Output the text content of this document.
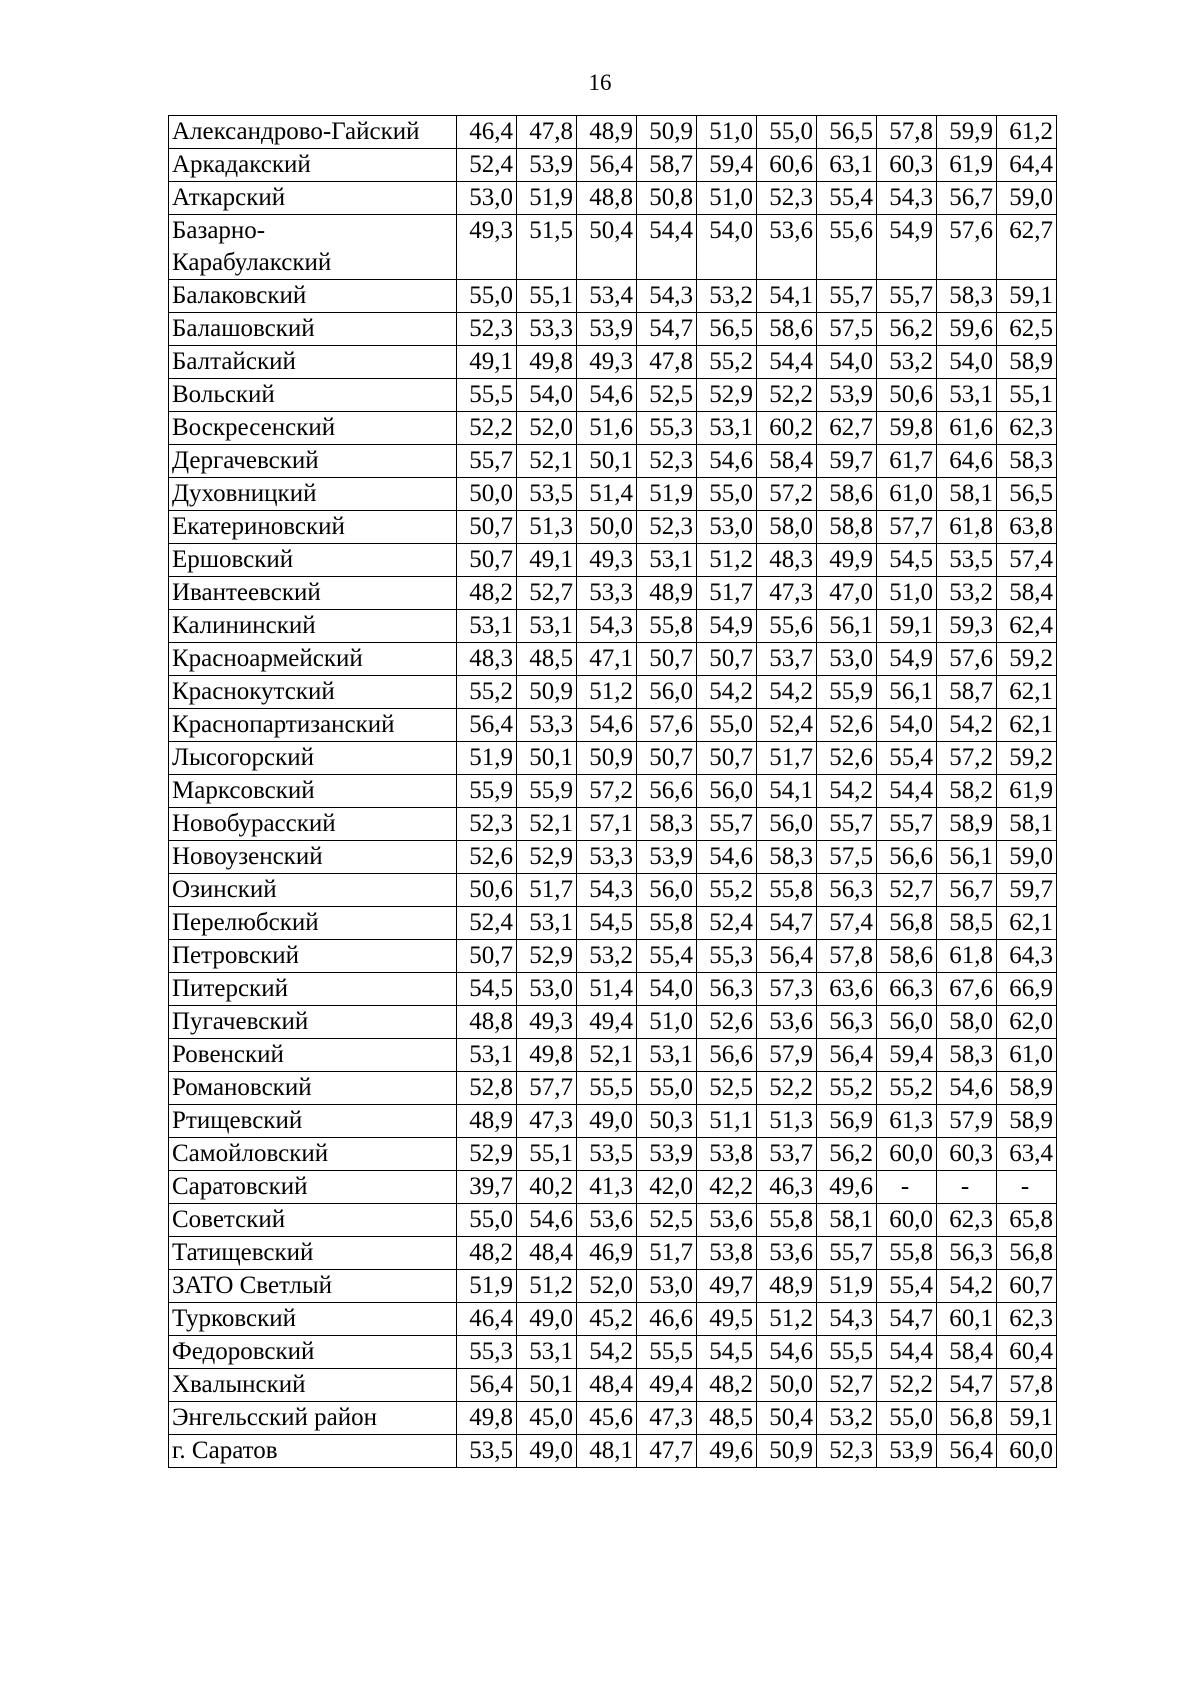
16
Александрово-Гайский	46,4	47,8	48,9	50,9	51,0	55,0	56,5	57,8	59,9	61,2
Аркадакский	52,4	53,9	56,4	58,7	59,4	60,6	63,1	60,3	61,9	64,4
Аткарский	53,0	51,9	48,8	50,8	51,0	52,3	55,4	54,3	56,7	59,0
Базарно-
Карабулакский	49,3	51,5	50,4	54,4	54,0	53,6	55,6	54,9	57,6	62,7
Балаковский	55,0	55,1	53,4	54,3	53,2	54,1	55,7	55,7	58,3	59,1
Балашовский	52,3	53,3	53,9	54,7	56,5	58,6	57,5	56,2	59,6	62,5
Балтайский	49,1	49,8	49,3	47,8	55,2	54,4	54,0	53,2	54,0	58,9
Вольский	55,5	54,0	54,6	52,5	52,9	52,2	53,9	50,6	53,1	55,1
Воскресенский	52,2	52,0	51,6	55,3	53,1	60,2	62,7	59,8	61,6	62,3
Дергачевский	55,7	52,1	50,1	52,3	54,6	58,4	59,7	61,7	64,6	58,3
Духовницкий	50,0	53,5	51,4	51,9	55,0	57,2	58,6	61,0	58,1	56,5
Екатериновский	50,7	51,3	50,0	52,3	53,0	58,0	58,8	57,7	61,8	63,8
Ершовский	50,7	49,1	49,3	53,1	51,2	48,3	49,9	54,5	53,5	57,4
Ивантеевский	48,2	52,7	53,3	48,9	51,7	47,3	47,0	51,0	53,2	58,4
Калининский	53,1	53,1	54,3	55,8	54,9	55,6	56,1	59,1	59,3	62,4
Красноармейский	48,3	48,5	47,1	50,7	50,7	53,7	53,0	54,9	57,6	59,2
Краснокутский	55,2	50,9	51,2	56,0	54,2	54,2	55,9	56,1	58,7	62,1
Краснопартизанский	56,4	53,3	54,6	57,6	55,0	52,4	52,6	54,0	54,2	62,1
Лысогорский	51,9	50,1	50,9	50,7	50,7	51,7	52,6	55,4	57,2	59,2
Марксовский	55,9	55,9	57,2	56,6	56,0	54,1	54,2	54,4	58,2	61,9
Новобурасский	52,3	52,1	57,1	58,3	55,7	56,0	55,7	55,7	58,9	58,1
Новоузенский	52,6	52,9	53,3	53,9	54,6	58,3	57,5	56,6	56,1	59,0
Озинский	50,6	51,7	54,3	56,0	55,2	55,8	56,3	52,7	56,7	59,7
Перелюбский	52,4	53,1	54,5	55,8	52,4	54,7	57,4	56,8	58,5	62,1
Петровский	50,7	52,9	53,2	55,4	55,3	56,4	57,8	58,6	61,8	64,3
Питерский	54,5	53,0	51,4	54,0	56,3	57,3	63,6	66,3	67,6	66,9
Пугачевский	48,8	49,3	49,4	51,0	52,6	53,6	56,3	56,0	58,0	62,0
Ровенский	53,1	49,8	52,1	53,1	56,6	57,9	56,4	59,4	58,3	61,0
Романовский	52,8	57,7	55,5	55,0	52,5	52,2	55,2	55,2	54,6	58,9
Ртищевский	48,9	47,3	49,0	50,3	51,1	51,3	56,9	61,3	57,9	58,9
Самойловский	52,9	55,1	53,5	53,9	53,8	53,7	56,2	60,0	60,3	63,4
Саратовский	39,7	40,2	41,3	42,0	42,2	46,3	49,6	-	-	-
Советский	55,0	54,6	53,6	52,5	53,6	55,8	58,1	60,0	62,3	65,8
Татищевский	48,2	48,4	46,9	51,7	53,8	53,6	55,7	55,8	56,3	56,8
ЗАТО Светлый	51,9	51,2	52,0	53,0	49,7	48,9	51,9	55,4	54,2	60,7
Турковский	46,4	49,0	45,2	46,6	49,5	51,2	54,3	54,7	60,1	62,3
Федоровский	55,3	53,1	54,2	55,5	54,5	54,6	55,5	54,4	58,4	60,4
Хвалынский	56,4	50,1	48,4	49,4	48,2	50,0	52,7	52,2	54,7	57,8
Энгельсский район	49,8	45,0	45,6	47,3	48,5	50,4	53,2	55,0	56,8	59,1
г. Саратов	53,5	49,0	48,1	47,7	49,6	50,9	52,3	53,9	56,4	60,0
